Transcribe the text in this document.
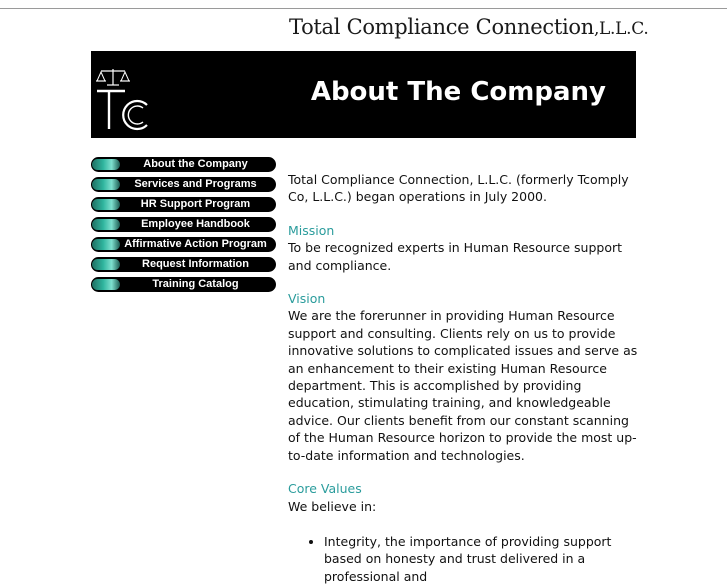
Total Compliance Connection,L.L.C.
About The Company
About the Company
Services and Programs
HR Support Program
Employee Handbook
Affirmative Action Program
Request Information
Training Catalog

Total Compliance Connection, L.L.C. (formerly Tcomply Co, L.L.C.) began operations in July 2000.

Mission

To be recognized experts in Human Resource support and compliance.

Vision

We are the forerunner in providing Human Resource support and consulting. Clients rely on us to provide innovative solutions to complicated issues and serve as an enhancement to their existing Human Resource department. This is accomplished by providing education, stimulating training, and knowledgeable advice. Our clients benefit from our constant scanning of the Human Resource horizon to provide the most up-to-date information and technologies.

Core Values

We believe in:

• Integrity, the importance of providing support based on honesty and trust delivered in a professional and
